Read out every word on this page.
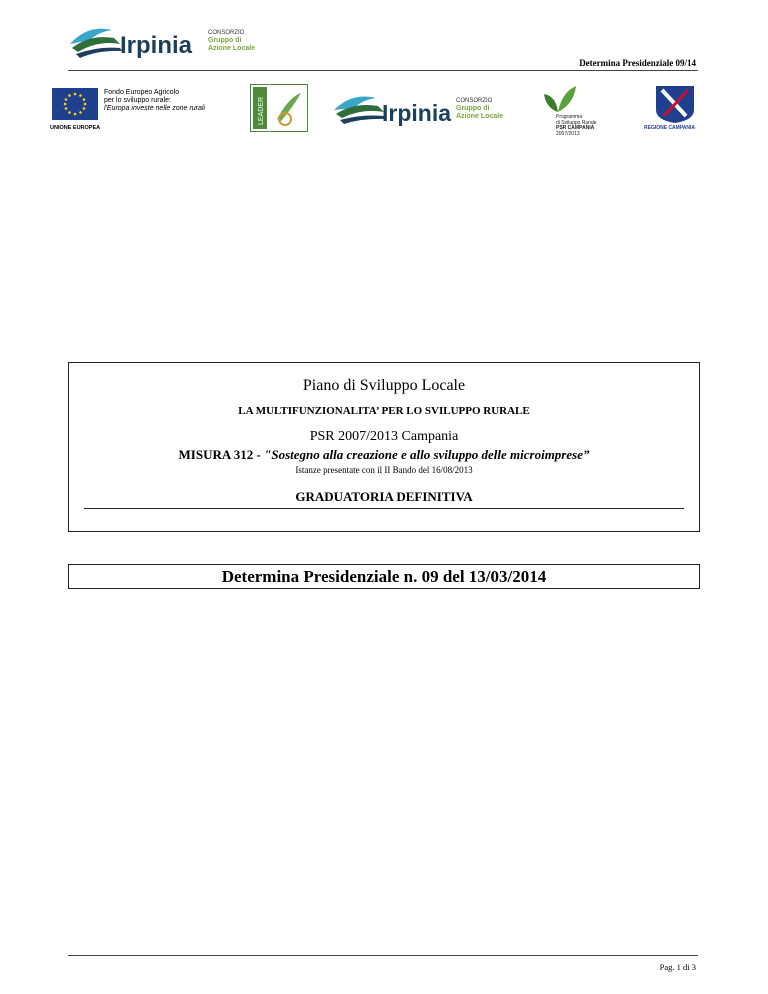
Irpinia	CONSORZIO
Gruppo di
Azione Locale
Determina Presidenziale 09/14
UNIONE EUROPEA
Fondo Europeo Agricolo
per lo sviluppo rurale:
l'Europa investe nelle zone rurali	LEADER	Irpinia CONSORZIO
Gruppo di
Azione Locale	Programma
di Sviluppo Rurale
PSR CAMPANIA
2007/2013
REGIONE CAMPANIA
Piano di Sviluppo Locale
LA MULTIFUNZIONALITA’ PER LO SVILUPPO RURALE
PSR 2007/2013 Campania
MISURA 312 - "Sostegno alla creazione e allo sviluppo delle microimprese”
Istanze presentate con il II Bando del 16/08/2013
GRADUATORIA DEFINITIVA
Determina Presidenziale n. 09 del 13/03/2014
Pag. 1 di 3
